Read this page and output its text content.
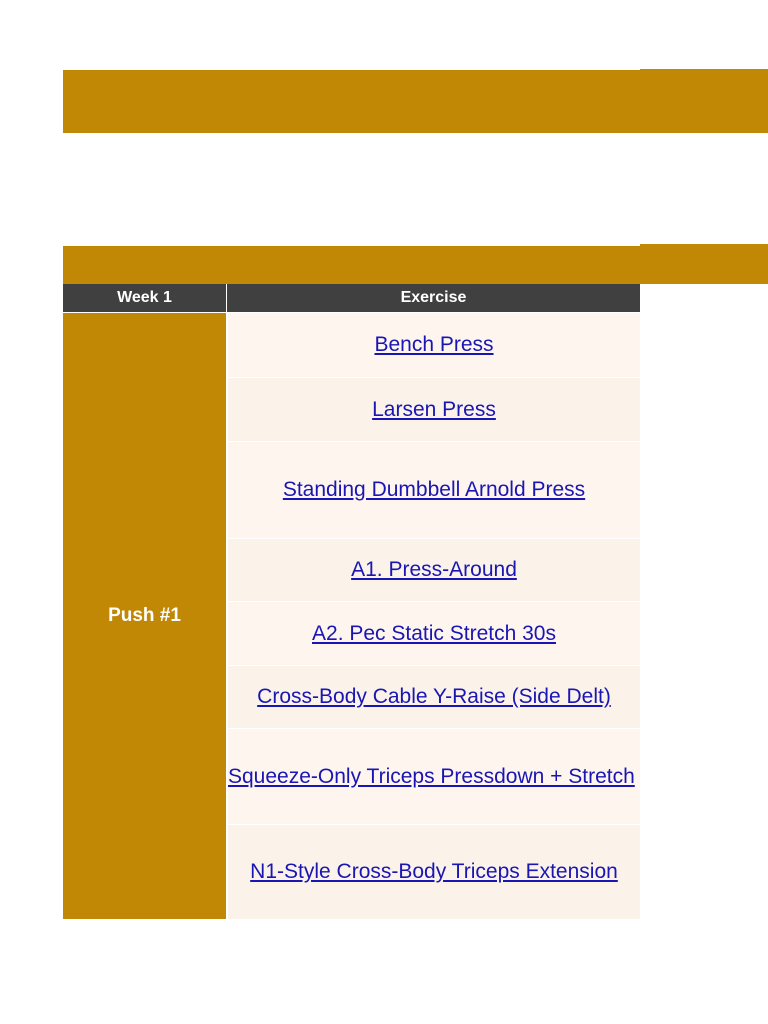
Week 1	Exercise
Push #1
Bench Press
Larsen Press
Standing Dumbbell Arnold Press
A1. Press-Around
A2. Pec Static Stretch 30s
Cross-Body Cable Y-Raise (Side Delt)
Squeeze-Only Triceps Pressdown + Stretch
N1-Style Cross-Body Triceps Extension
